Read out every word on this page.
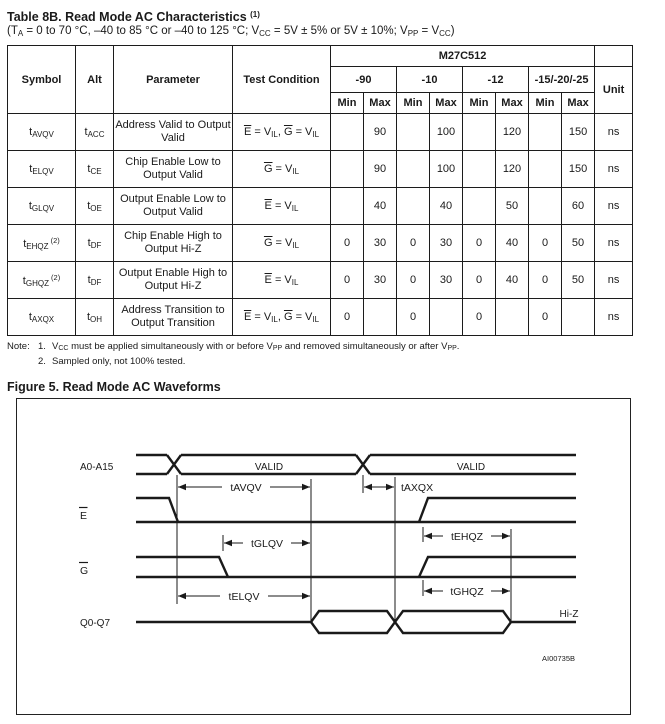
Table 8B. Read Mode AC Characteristics $^{(1)}$
($T_A = 0$ to 70 °C, –40 to 85 °C or –40 to 125 °C; $V_{CC} = 5V \pm 5\%$ or 5V ± 10%; $V_{PP} = V_{CC}$)
Symbol	Alt	Parameter	Test Condition	M27C512								
				-90		-10		-12		-15/-20/-25		Unit
				Min	Max	Min	Max	Min	Max	Min	Max	
$t_{AVQV}$	$t_{ACC}$	Address Valid to Output Valid	$\overline{E} = V_{IL}$, $\overline{G} = V_{IL}$		90		100		120		150	ns
$t_{ELQV}$	$t_{CE}$	Chip Enable Low to Output Valid	$\overline{G} = V_{IL}$		90		100		120		150	ns
$t_{GLQV}$	$t_{OE}$	Output Enable Low to Output Valid	$\overline{E} = V_{IL}$		40		40		50		60	ns
$t_{EHQZ}$ $^{(2)}$	$t_{DF}$	Chip Enable High to Output Hi-Z	$\overline{G} = V_{IL}$	0	30	0	30	0	40	0	50	ns
$t_{GHQZ}$ $^{(2)}$	$t_{DF}$	Output Enable High to Output Hi-Z	$\overline{E} = V_{IL}$	0	30	0	30	0	40	0	50	ns
$t_{AXQX}$	$t_{OH}$	Address Transition to Output Transition	$\overline{E} = V_{IL}$, $\overline{G} = V_{IL}$	0		0		0		0		ns
Note: 1. $V_{CC}$ must be applied simultaneously with or before $V_{PP}$ and removed simultaneously or after $V_{PP}$.
2. Sampled only, not 100% tested.
Figure 5. Read Mode AC Waveforms
A0-A15
E
G
Q0-Q7
tAVQV	tAXQX
tEHQZ
tGLQV
tELQV	tGHQZ
VALID	VALID
Hi-Z
AI00735B
